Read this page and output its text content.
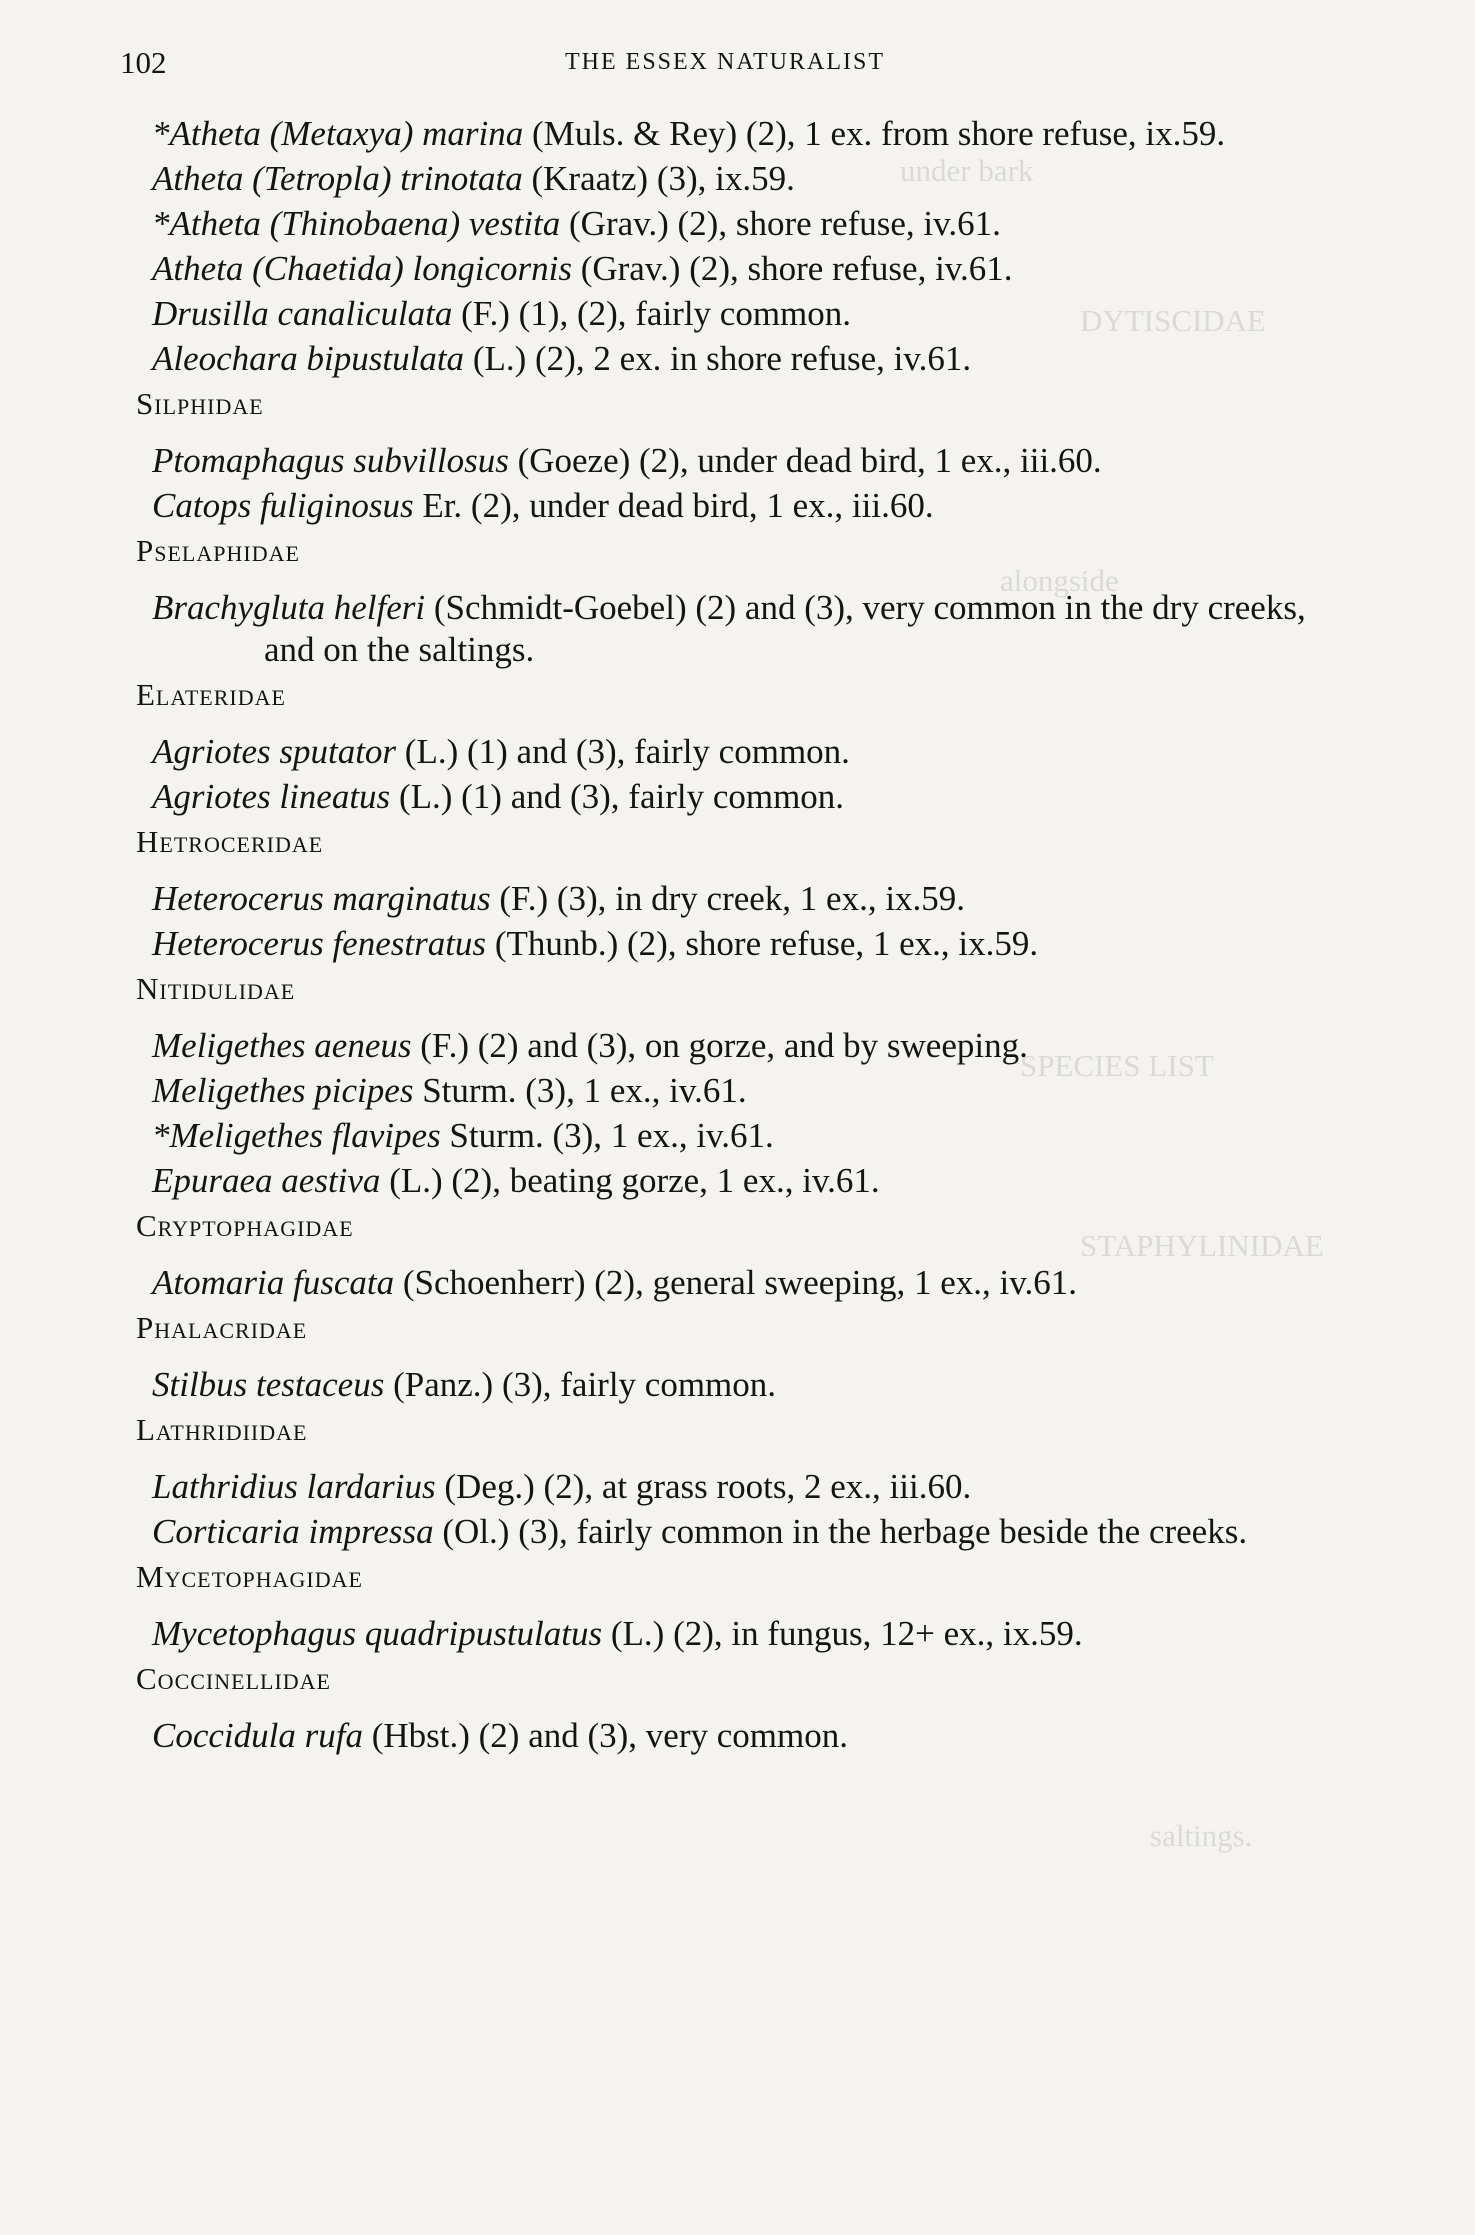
under bark
DYTISCIDAE
alongside
SPECIES LIST
STAPHYLINIDAE
saltings.
102	THE ESSEX NATURALIST
*Atheta (Metaxya) marina (Muls. & Rey) (2), 1 ex. from shore refuse, ix.59.
Atheta (Tetropla) trinotata (Kraatz) (3), ix.59.
*Atheta (Thinobaena) vestita (Grav.) (2), shore refuse, iv.61.
Atheta (Chaetida) longicornis (Grav.) (2), shore refuse, iv.61.
Drusilla canaliculata (F.) (1), (2), fairly common.
Aleochara bipustulata (L.) (2), 2 ex. in shore refuse, iv.61.
Silphidae
Ptomaphagus subvillosus (Goeze) (2), under dead bird, 1 ex., iii.60.
Catops fuliginosus Er. (2), under dead bird, 1 ex., iii.60.
Pselaphidae
Brachygluta helferi (Schmidt-Goebel) (2) and (3), very common in the dry creeks, and on the saltings.
Elateridae
Agriotes sputator (L.) (1) and (3), fairly common.
Agriotes lineatus (L.) (1) and (3), fairly common.
Hetroceridae
Heterocerus marginatus (F.) (3), in dry creek, 1 ex., ix.59.
Heterocerus fenestratus (Thunb.) (2), shore refuse, 1 ex., ix.59.
Nitidulidae
Meligethes aeneus (F.) (2) and (3), on gorze, and by sweeping.
Meligethes picipes Sturm. (3), 1 ex., iv.61.
*Meligethes flavipes Sturm. (3), 1 ex., iv.61.
Epuraea aestiva (L.) (2), beating gorze, 1 ex., iv.61.
Cryptophagidae
Atomaria fuscata (Schoenherr) (2), general sweeping, 1 ex., iv.61.
Phalacridae
Stilbus testaceus (Panz.) (3), fairly common.
Lathridiidae
Lathridius lardarius (Deg.) (2), at grass roots, 2 ex., iii.60.
Corticaria impressa (Ol.) (3), fairly common in the herbage beside the creeks.
Mycetophagidae
Mycetophagus quadripustulatus (L.) (2), in fungus, 12+ ex., ix.59.
Coccinellidae
Coccidula rufa (Hbst.) (2) and (3), very common.
